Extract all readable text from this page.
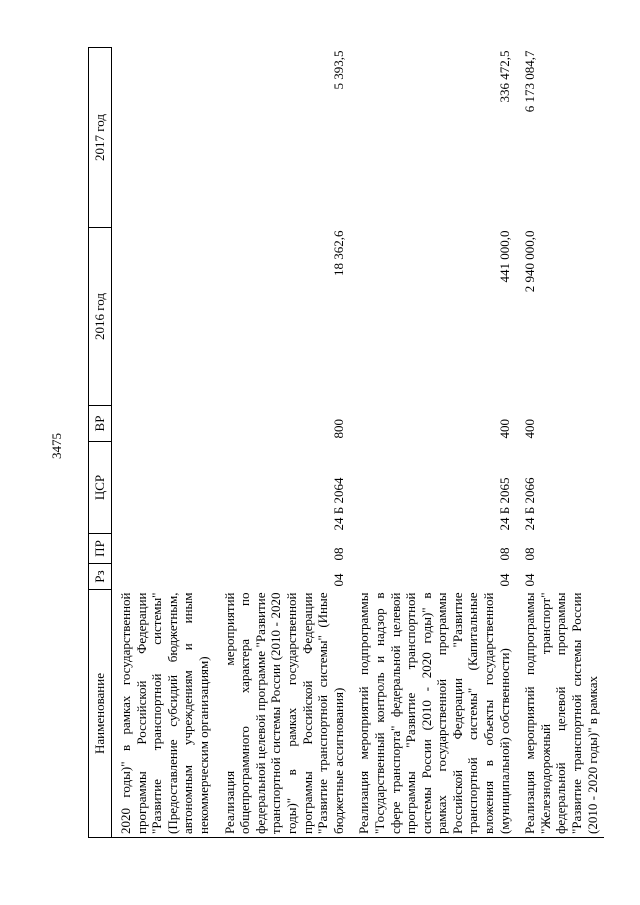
3475
Наименование	Рз	ПР	ЦСР	ВР	2016 год	2017 год
2020 годы)" в рамках государственной программы Российской Федерации "Развитие транспортной системы" (Предоставление субсидий бюджетным, автономным учреждениям и иным некоммерческим организациям)						
Реализация мероприятий общепрограммного характера по федеральной целевой программе "Развитие транспортной системы России (2010 - 2020 годы)" в рамках государственной программы Российской Федерации "Развитие транспортной системы" (Иные бюджетные ассигнования)	04	08	24 Б 2064	800	18 362,6	5 393,5
Реализация мероприятий подпрограммы "Государственный контроль и надзор в сфере транспорта" федеральной целевой программы "Развитие транспортной системы России (2010 - 2020 годы)" в рамках государственной программы Российской Федерации "Развитие транспортной системы" (Капитальные вложения в объекты государственной (муниципальной) собственности)	04	08	24 Б 2065	400	441 000,0	336 472,5
Реализация мероприятий подпрограммы "Железнодорожный транспорт" федеральной целевой программы "Развитие транспортной системы России (2010 - 2020 годы)" в рамках	04	08	24 Б 2066	400	2 940 000,0	6 173 084,7
